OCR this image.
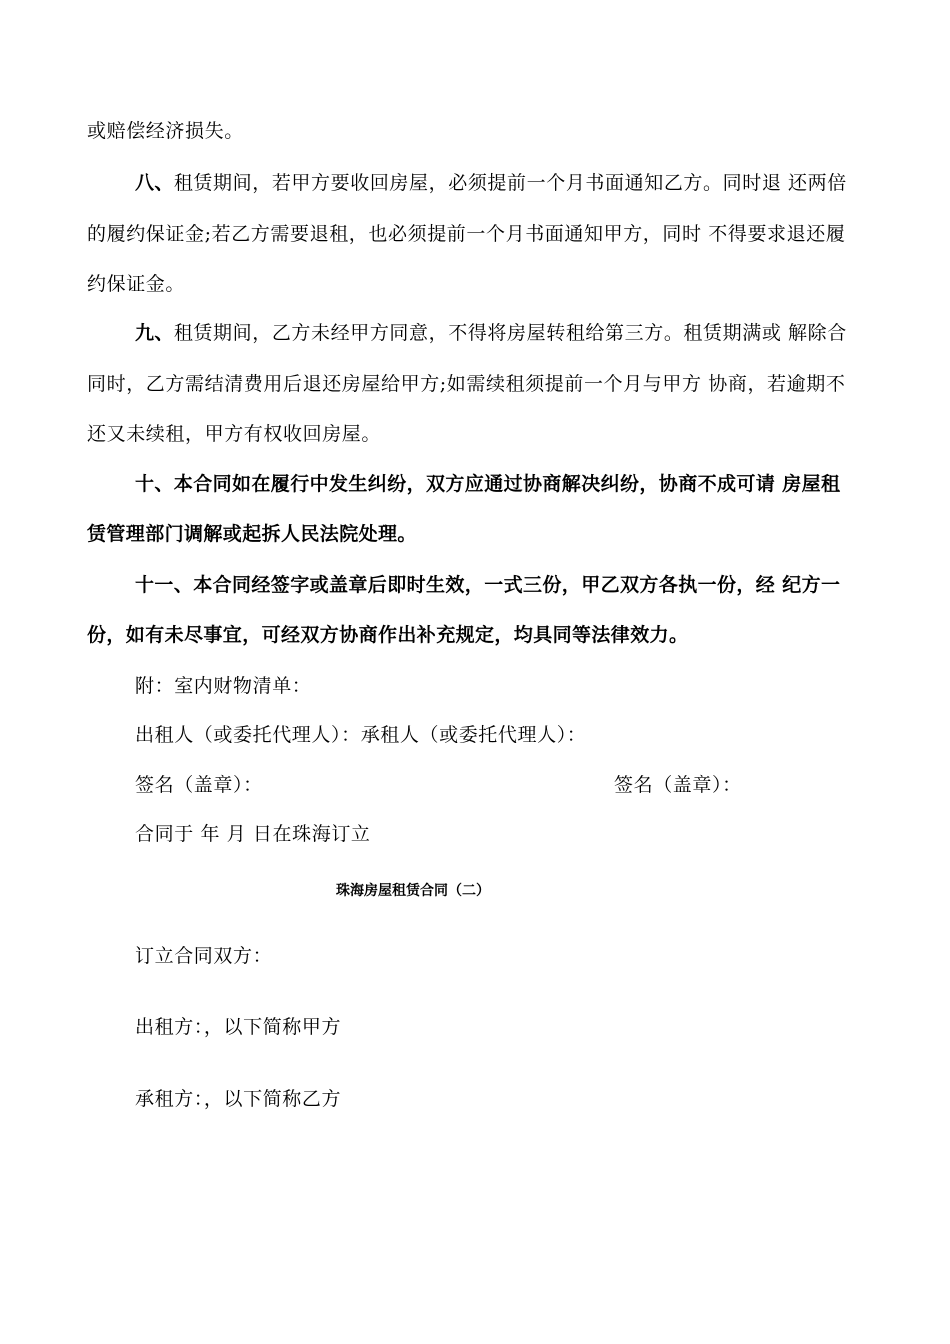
或赔偿经济损失。
八、租赁期间，若甲方要收回房屋，必须提前一个月书面通知乙方。同时退 还两倍
的履约保证金;若乙方需要退租，也必须提前一个月书面通知甲方，同时 不得要求退还履
约保证金。
九、租赁期间，乙方未经甲方同意，不得将房屋转租给第三方。租赁期满或 解除合
同时，乙方需结清费用后退还房屋给甲方;如需续租须提前一个月与甲方 协商，若逾期不
还又未续租，甲方有权收回房屋。
十、本合同如在履行中发生纠纷，双方应通过协商解决纠纷，协商不成可请 房屋租
赁管理部门调解或起拆人民法院处理。
十一、本合同经签字或盖章后即时生效，一式三份，甲乙双方各执一份，经 纪方一
份，如有未尽事宜，可经双方协商作出补充规定，均具同等法律效力。
附：室内财物清单：
出租人（或委托代理人）：承租人（或委托代理人）：
签名（盖章）：	签名（盖章）：
合同于 年 月 日在珠海订立
珠海房屋租赁合同（二）
订立合同双方：
出租方：，以下简称甲方
承租方：，以下简称乙方
